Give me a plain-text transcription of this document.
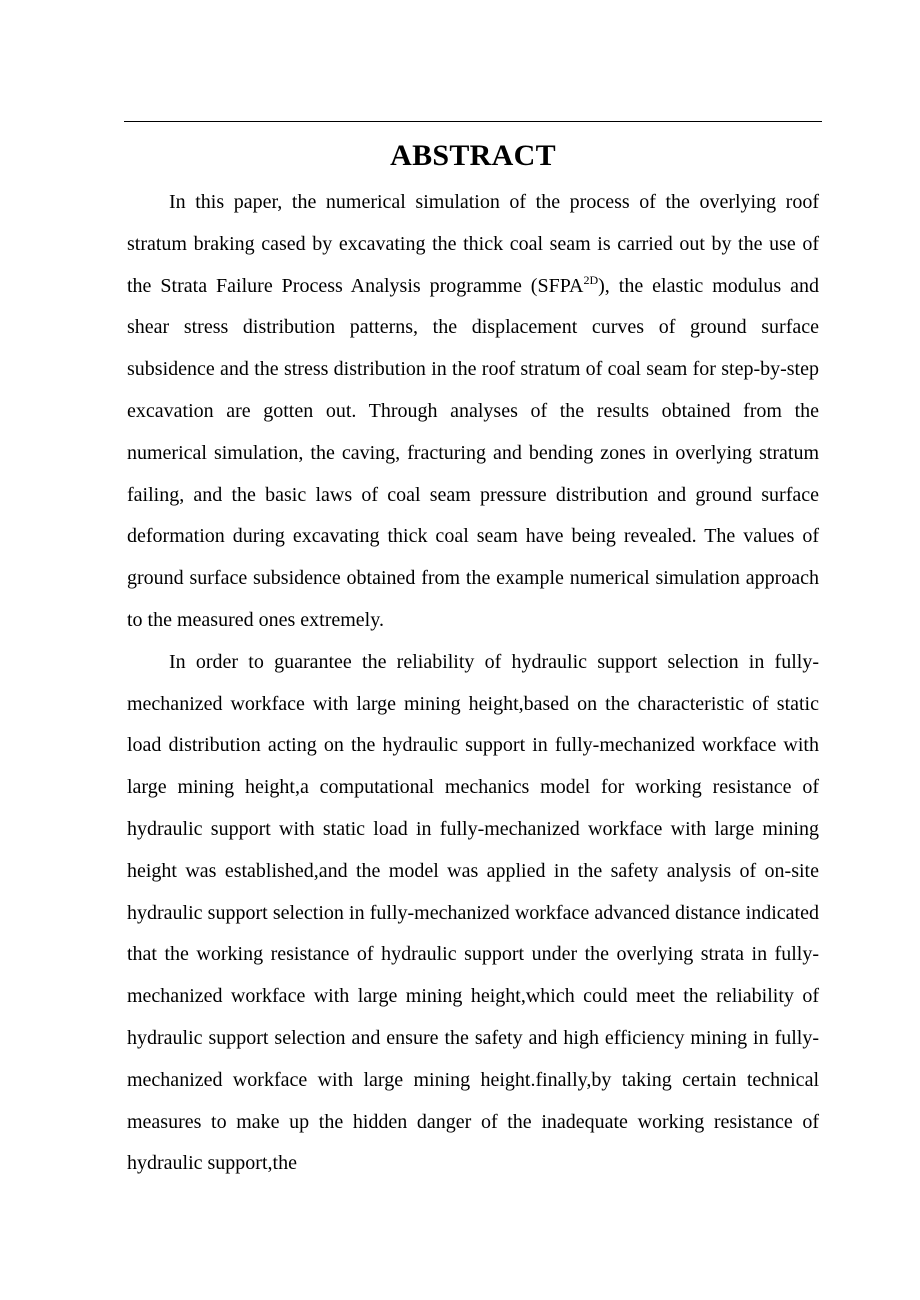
ABSTRACT

In this paper, the numerical simulation of the process of the overlying roof stratum braking cased by excavating the thick coal seam is carried out by the use of the Strata Failure Process Analysis programme $(SFPA^{2D})$, the elastic modulus and shear stress distribution patterns, the displacement curves of ground surface subsidence and the stress distribution in the roof stratum of coal seam for step-by-step excavation are gotten out. Through analyses of the results obtained from the numerical simulation, the caving, fracturing and bending zones in overlying stratum failing, and the basic laws of coal seam pressure distribution and ground surface deformation during excavating thick coal seam have being revealed. The values of ground surface subsidence obtained from the example numerical simulation approach to the measured ones extremely.

In order to guarantee the reliability of hydraulic support selection in fully-mechanized workface with large mining height,based on the characteristic of static load distribution acting on the hydraulic support in fully-mechanized workface with large mining height,a computational mechanics model for working resistance of hydraulic support with static load in fully-mechanized workface with large mining height was established,and the model was applied in the safety analysis of on-site hydraulic support selection in fully-mechanized workface advanced distance indicated that the working resistance of hydraulic support under the overlying strata in fully-mechanized workface with large mining height,which could meet the reliability of hydraulic support selection and ensure the safety and high efficiency mining in fully-mechanized workface with large mining height.finally,by taking certain technical measures to make up the hidden danger of the inadequate working resistance of hydraulic support,the
